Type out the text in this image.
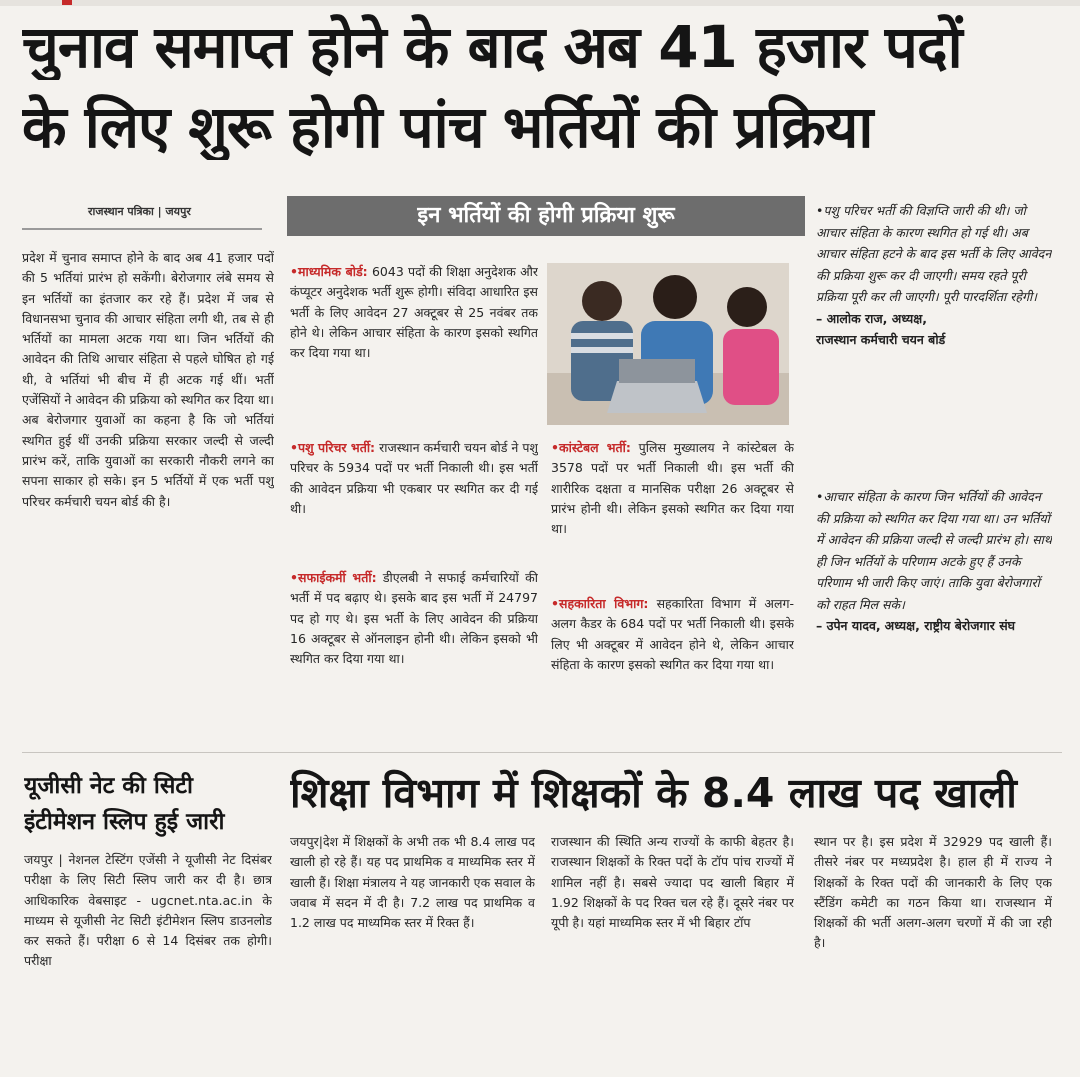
चुनाव समाप्त होने के बाद अब 41 हजार पदों
के लिए शुरू होगी पांच भर्तियों की प्रक्रिया
राजस्थान पत्रिका | जयपुर
प्रदेश में चुनाव समाप्त होने के बाद अब 41 हजार पदों की 5 भर्तियां प्रारंभ हो सकेंगी। बेरोजगार लंबे समय से इन भर्तियों का इंतजार कर रहे हैं। प्रदेश में जब से विधानसभा चुनाव की आचार संहिता लगी थी, तब से ही भर्तियों का मामला अटक गया था। जिन भर्तियों की आवेदन की तिथि आचार संहिता से पहले घोषित हो गई थी, वे भर्तियां भी बीच में ही अटक गई थीं। भर्ती एजेंसियों ने आवेदन की प्रक्रिया को स्थगित कर दिया था। अब बेरोजगार युवाओं का कहना है कि जो भर्तियां स्थगित हुई थीं उनकी प्रक्रिया सरकार जल्दी से जल्दी प्रारंभ करें, ताकि युवाओं का सरकारी नौकरी लगने का सपना साकार हो सके। इन 5 भर्तियों में एक भर्ती पशु परिचर कर्मचारी चयन बोर्ड की है।
इन भर्तियों की होगी प्रक्रिया शुरू
•माध्यमिक बोर्ड: 6043 पदों की शिक्षा अनुदेशक और कंप्यूटर अनुदेशक भर्ती शुरू होगी। संविदा आधारित इस भर्ती के लिए आवेदन 27 अक्टूबर से 25 नवंबर तक होने थे। लेकिन आचार संहिता के कारण इसको स्थगित कर दिया गया था।
•पशु परिचर भर्ती: राजस्थान कर्मचारी चयन बोर्ड ने पशु परिचर के 5934 पदों पर भर्ती निकाली थी। इस भर्ती की आवेदन प्रक्रिया भी एकबार पर स्थगित कर दी गई थी।
•सफाईकर्मी भर्ती: डीएलबी ने सफाई कर्मचारियों की भर्ती में पद बढ़ाए थे। इसके बाद इस भर्ती में 24797 पद हो गए थे। इस भर्ती के लिए आवेदन की प्रक्रिया 16 अक्टूबर से ऑनलाइन होनी थी। लेकिन इसको भी स्थगित कर दिया गया था।
•कांस्टेबल भर्ती: पुलिस मुख्यालय ने कांस्टेबल के 3578 पदों पर भर्ती निकाली थी। इस भर्ती की शारीरिक दक्षता व मानसिक परीक्षा 26 अक्टूबर से प्रारंभ होनी थी। लेकिन इसको स्थगित कर दिया गया था।
•सहकारिता विभाग: सहकारिता विभाग में अलग-अलग कैडर के 684 पदों पर भर्ती निकाली थी। इसके लिए भी अक्टूबर में आवेदन होने थे, लेकिन आचार संहिता के कारण इसको स्थगित कर दिया गया था।
•पशु परिचर भर्ती की विज्ञप्ति जारी की थी। जो आचार संहिता के कारण स्थगित हो गई थी। अब आचार संहिता हटने के बाद इस भर्ती के लिए आवेदन की प्रक्रिया शुरू कर दी जाएगी। समय रहते पूरी प्रक्रिया पूरी कर ली जाएगी। पूरी पारदर्शिता रहेगी।
– आलोक राज, अध्यक्ष,
राजस्थान कर्मचारी चयन बोर्ड
•आचार संहिता के कारण जिन भर्तियों की आवेदन की प्रक्रिया को स्थगित कर दिया गया था। उन भर्तियों में आवेदन की प्रक्रिया जल्दी से जल्दी प्रारंभ हो। साथ ही जिन भर्तियों के परिणाम अटके हुए हैं उनके परिणाम भी जारी किए जाएं। ताकि युवा बेरोजगारों को राहत मिल सके।
– उपेन यादव, अध्यक्ष, राष्ट्रीय बेरोजगार संघ
यूजीसी नेट की सिटी
इंटीमेशन स्लिप हुई जारी
जयपुर | नेशनल टेस्टिंग एजेंसी ने यूजीसी नेट दिसंबर परीक्षा के लिए सिटी स्लिप जारी कर दी है। छात्र आधिकारिक वेबसाइट - ugcnet.nta.ac.in के माध्यम से यूजीसी नेट सिटी इंटीमेशन स्लिप डाउनलोड कर सकते हैं। परीक्षा 6 से 14 दिसंबर तक होगी। परीक्षा
शिक्षा विभाग में शिक्षकों के 8.4 लाख पद खाली
जयपुर|देश में शिक्षकों के अभी तक भी 8.4 लाख पद खाली हो रहे हैं। यह पद प्राथमिक व माध्यमिक स्तर में खाली हैं। शिक्षा मंत्रालय ने यह जानकारी एक सवाल के जवाब में सदन में दी है। 7.2 लाख पद प्राथमिक व 1.2 लाख पद माध्यमिक स्तर में रिक्त हैं।
राजस्थान की स्थिति अन्य राज्यों के काफी बेहतर है। राजस्थान शिक्षकों के रिक्त पदों के टॉप पांच राज्यों में शामिल नहीं है। सबसे ज्यादा पद खाली बिहार में 1.92 शिक्षकों के पद रिक्त चल रहे हैं। दूसरे नंबर पर यूपी है। यहां माध्यमिक स्तर में भी बिहार टॉप
स्थान पर है। इस प्रदेश में 32929 पद खाली हैं। तीसरे नंबर पर मध्यप्रदेश है। हाल ही में राज्य ने शिक्षकों के रिक्त पदों की जानकारी के लिए एक स्टैंडिंग कमेटी का गठन किया था। राजस्थान में शिक्षकों की भर्ती अलग-अलग चरणों में की जा रही है।
